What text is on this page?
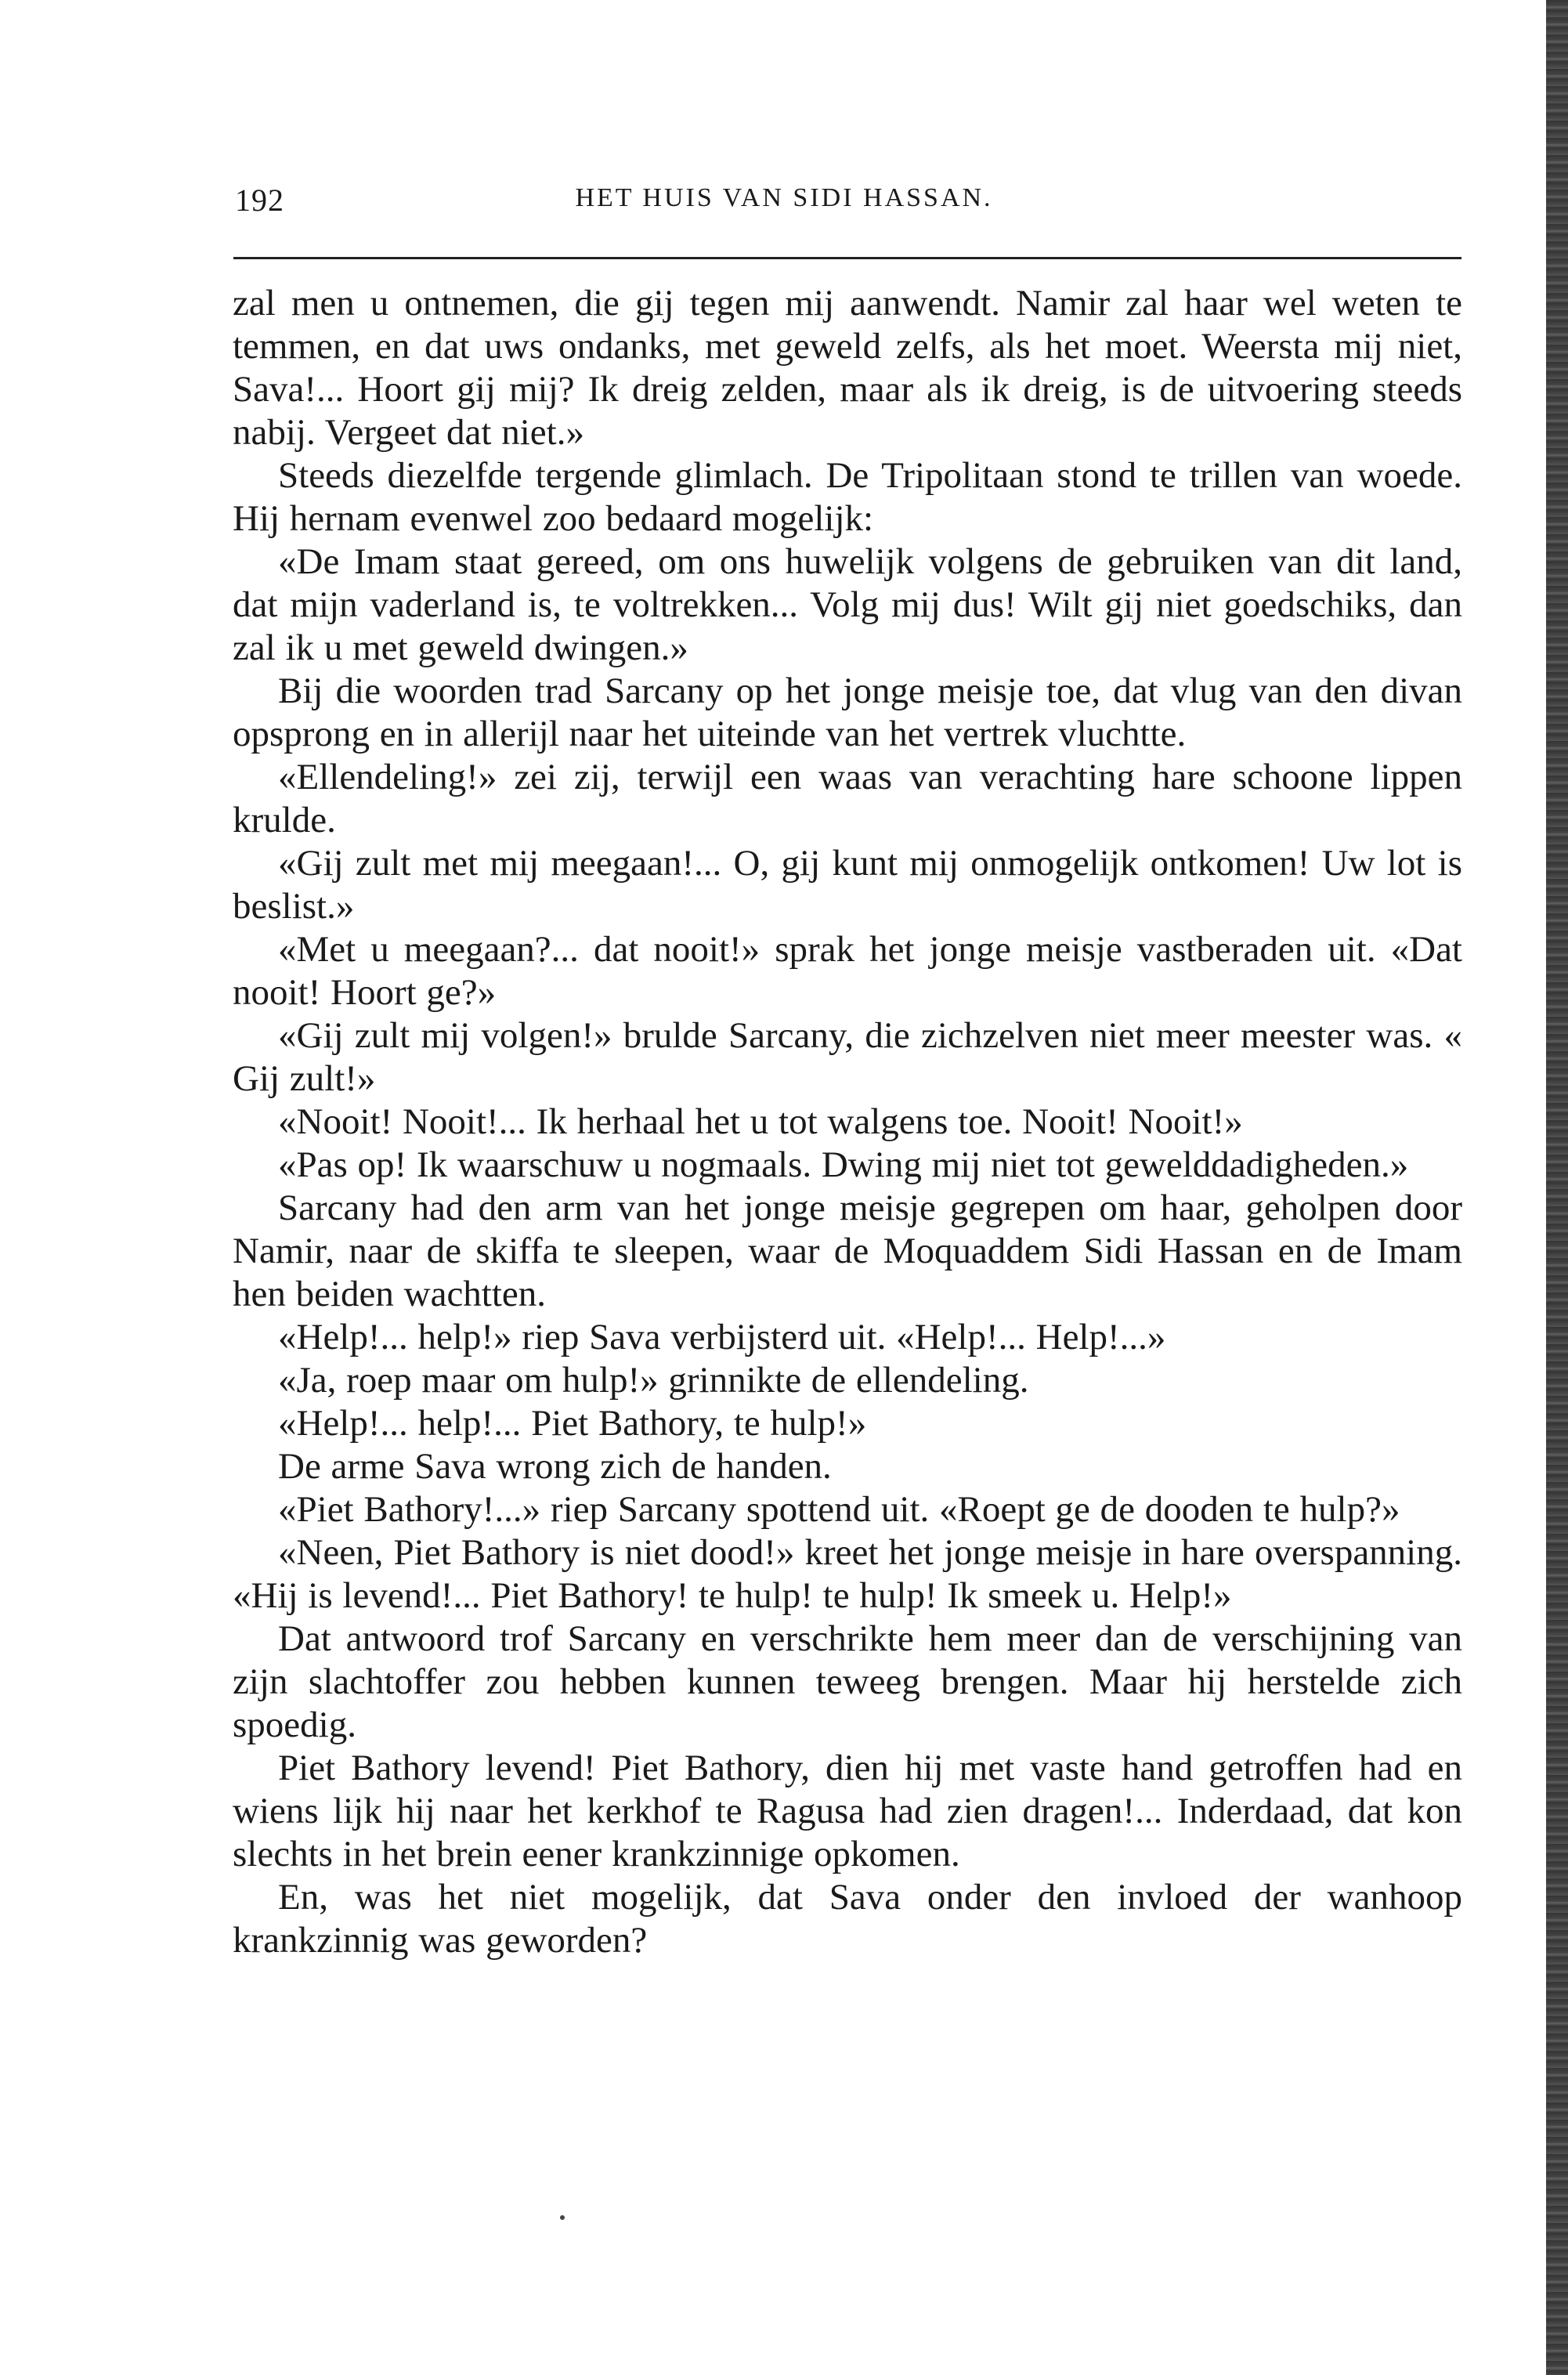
192	HET HUIS VAN SIDI HASSAN.

zal men u ontnemen, die gij tegen mij aanwendt. Namir zal haar wel weten te temmen, en dat uws ondanks, met geweld zelfs, als het moet. Weersta mij niet, Sava!... Hoort gij mij? Ik dreig zelden, maar als ik dreig, is de uitvoering steeds nabij. Vergeet dat niet.»

Steeds diezelfde tergende glimlach. De Tripolitaan stond te trillen van woede. Hij hernam evenwel zoo bedaard mogelijk:

«De Imam staat gereed, om ons huwelijk volgens de gebruiken van dit land, dat mijn vaderland is, te voltrekken... Volg mij dus! Wilt gij niet goedschiks, dan zal ik u met geweld dwingen.»

Bij die woorden trad Sarcany op het jonge meisje toe, dat vlug van den divan opsprong en in allerijl naar het uiteinde van het vertrek vluchtte.

«Ellendeling!» zei zij, terwijl een waas van verachting hare schoone lippen krulde.

«Gij zult met mij meegaan!... O, gij kunt mij onmogelijk ontkomen! Uw lot is beslist.»

«Met u meegaan?... dat nooit!» sprak het jonge meisje vastberaden uit. «Dat nooit! Hoort ge?»

«Gij zult mij volgen!» brulde Sarcany, die zichzelven niet meer meester was. « Gij zult!»

«Nooit! Nooit!... Ik herhaal het u tot walgens toe. Nooit! Nooit!»

«Pas op! Ik waarschuw u nogmaals. Dwing mij niet tot gewelddadigheden.»

Sarcany had den arm van het jonge meisje gegrepen om haar, geholpen door Namir, naar de skiffa te sleepen, waar de Moquaddem Sidi Hassan en de Imam hen beiden wachtten.

«Help!... help!» riep Sava verbijsterd uit. «Help!... Help!...»

«Ja, roep maar om hulp!» grinnikte de ellendeling.

«Help!... help!... Piet Bathory, te hulp!»

De arme Sava wrong zich de handen.

«Piet Bathory!...» riep Sarcany spottend uit. «Roept ge de dooden te hulp?»

«Neen, Piet Bathory is niet dood!» kreet het jonge meisje in hare overspanning. «Hij is levend!... Piet Bathory! te hulp! te hulp! Ik smeek u. Help!»

Dat antwoord trof Sarcany en verschrikte hem meer dan de verschijning van zijn slachtoffer zou hebben kunnen teweeg brengen. Maar hij herstelde zich spoedig.

Piet Bathory levend! Piet Bathory, dien hij met vaste hand getroffen had en wiens lijk hij naar het kerkhof te Ragusa had zien dragen!... Inderdaad, dat kon slechts in het brein eener krankzinnige opkomen.

En, was het niet mogelijk, dat Sava onder den invloed der wanhoop krankzinnig was geworden?
